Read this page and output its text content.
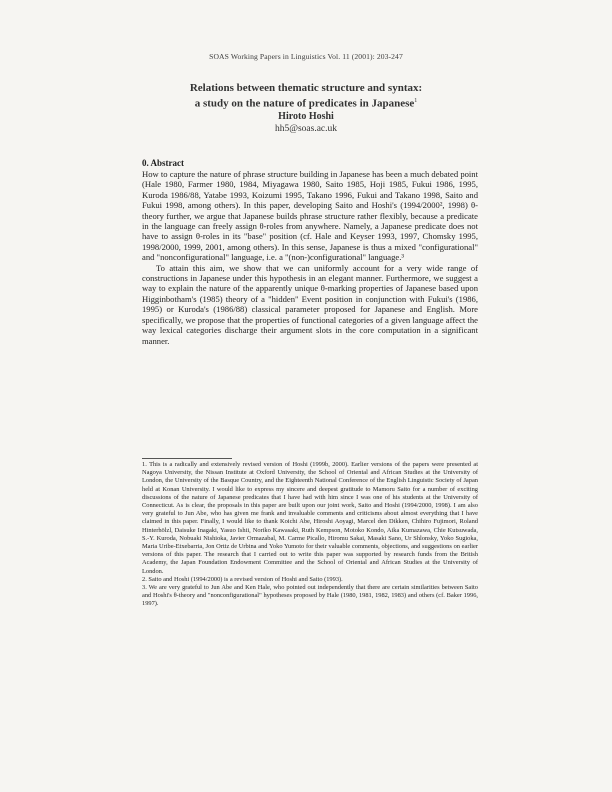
SOAS Working Papers in Linguistics Vol. 11 (2001): 203-247
Relations between thematic structure and syntax:
a study on the nature of predicates in Japanese$^1$
Hiroto Hoshi
hh5@soas.ac.uk
0. Abstract

How to capture the nature of phrase structure building in Japanese has been a much debated point (Hale 1980, Farmer 1980, 1984, Miyagawa 1980, Saito 1985, Hoji 1985, Fukui 1986, 1995, Kuroda 1986/88, Yatabe 1993, Koizumi 1995, Takano 1996, Fukui and Takano 1998, Saito and Fukui 1998, among others). In this paper, developing Saito and Hoshi's (1994/2000², 1998) θ-theory further, we argue that Japanese builds phrase structure rather flexibly, because a predicate in the language can freely assign θ-roles from anywhere. Namely, a Japanese predicate does not have to assign θ-roles in its "base" position (cf. Hale and Keyser 1993, 1997, Chomsky 1995, 1998/2000, 1999, 2001, among others). In this sense, Japanese is thus a mixed "configurational" and "nonconfigurational" language, i.e. a "(non-)configurational" language.³

To attain this aim, we show that we can uniformly account for a very wide range of constructions in Japanese under this hypothesis in an elegant manner. Furthermore, we suggest a way to explain the nature of the apparently unique θ-marking properties of Japanese based upon Higginbotham's (1985) theory of a "hidden" Event position in conjunction with Fukui's (1986, 1995) or Kuroda's (1986/88) classical parameter proposed for Japanese and English. More specifically, we propose that the properties of functional categories of a given language affect the way lexical categories discharge their argument slots in the core computation in a significant manner.

1. This is a radically and extensively revised version of Hoshi (1999b, 2000). Earlier versions of the papers were presented at Nagoya University, the Nissan Institute at Oxford University, the School of Oriental and African Studies at the University of London, the University of the Basque Country, and the Eighteenth National Conference of the English Linguistic Society of Japan held at Konan University. I would like to express my sincere and deepest gratitude to Mamoru Saito for a number of exciting discussions of the nature of Japanese predicates that I have had with him since I was one of his students at the University of Connecticut. As is clear, the proposals in this paper are built upon our joint work, Saito and Hoshi (1994/2000, 1998). I am also very grateful to Jun Abe, who has given me frank and invaluable comments and criticisms about almost everything that I have claimed in this paper. Finally, I would like to thank Koichi Abe, Hiroshi Aoyagi, Marcel den Dikken, Chihiro Fujimori, Roland Hinterhölzl, Daisuke Inagaki, Yasuo Ishii, Noriko Kawasaki, Ruth Kempson, Motoko Kondo, Aika Kumazawa, Chie Kutsuwada, S.-Y. Kuroda, Nobuaki Nishioka, Javier Ormazabal, M. Carme Picallo, Hiromu Sakai, Masaki Sano, Ur Shlonsky, Yoko Sugioka, Maria Uribe-Etxebarria, Jon Ortiz de Urbina and Yoko Yumoto for their valuable comments, objections, and suggestions on earlier versions of this paper. The research that I carried out to write this paper was supported by research funds from the British Academy, the Japan Foundation Endowment Committee and the School of Oriental and African Studies at the University of London.

2. Saito and Hoshi (1994/2000) is a revised version of Hoshi and Saito (1993).

3. We are very grateful to Jun Abe and Ken Hale, who pointed out independently that there are certain similarities between Saito and Hoshi's θ-theory and "nonconfigurational" hypotheses proposed by Hale (1980, 1981, 1982, 1983) and others (cf. Baker 1996, 1997).
